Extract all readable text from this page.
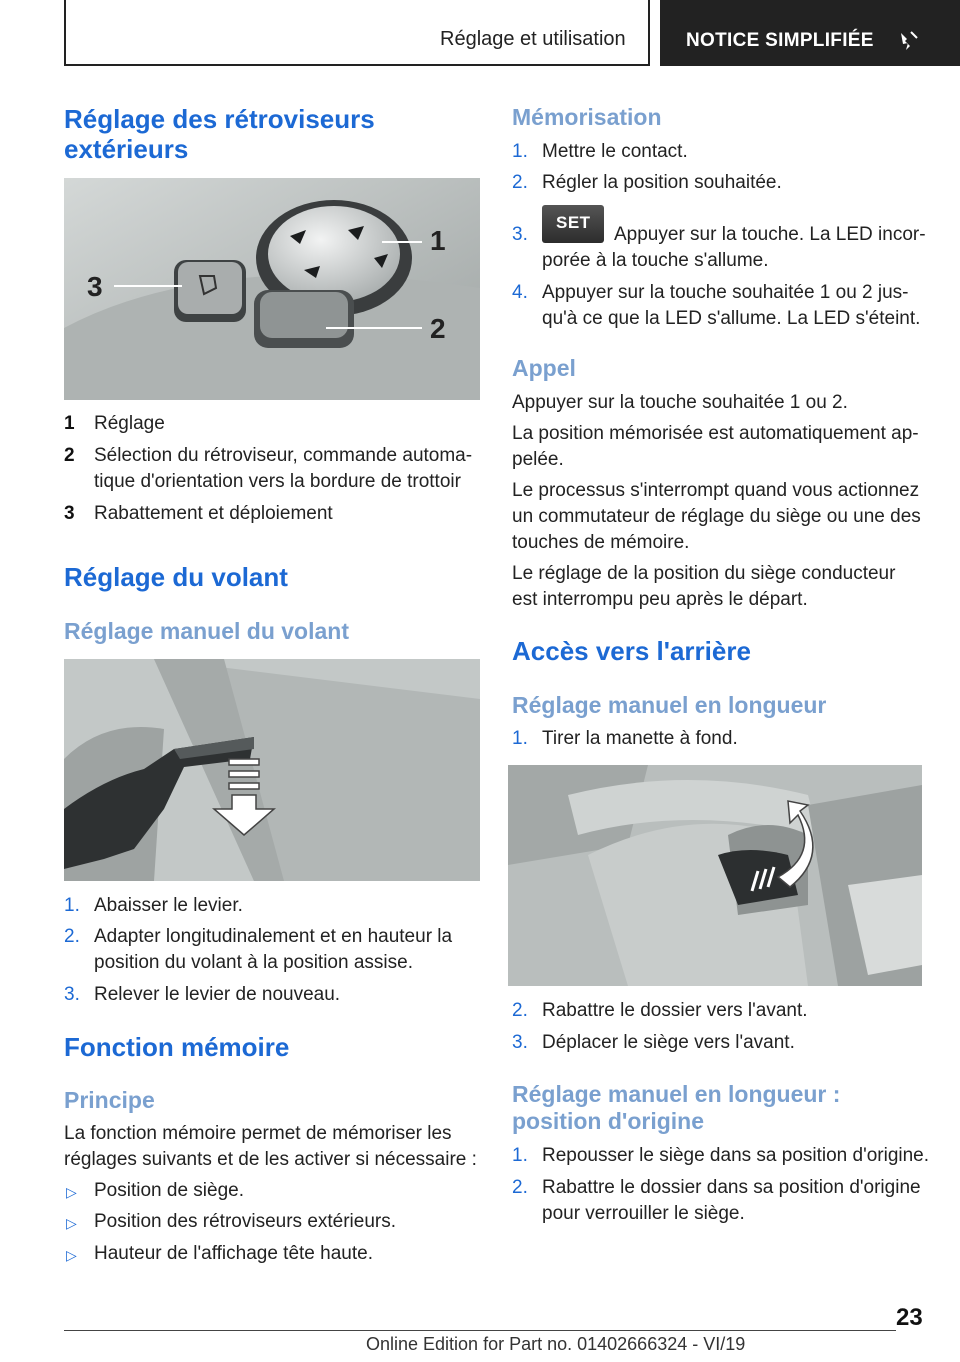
Réglage et utilisation	NOTICE SIMPLIFIÉE
Réglage des rétroviseurs
extérieurs
3
1
2
1 Réglage
2 Sélection du rétroviseur, commande automa-
tique d'orientation vers la bordure de trottoir
3 Rabattement et déploiement
Réglage du volant
Réglage manuel du volant
1. Abaisser le levier.
2. Adapter longitudinalement et en hauteur la
position du volant à la position assise.
3. Relever le levier de nouveau.
Fonction mémoire
Principe
La fonction mémoire permet de mémoriser les
réglages suivants et de les activer si nécessaire :
▷ Position de siège.
▷ Position des rétroviseurs extérieurs.
▷ Hauteur de l'affichage tête haute.
Mémorisation
1. Mettre le contact.
2. Régler la position souhaitée.
3.
SET
Appuyer sur la touche. La LED incor-
porée à la touche s'allume.
4. Appuyer sur la touche souhaitée 1 ou 2 jus-
qu'à ce que la LED s'allume. La LED s'éteint.
Appel
Appuyer sur la touche souhaitée 1 ou 2.
La position mémorisée est automatiquement ap-
pelée.
Le processus s'interrompt quand vous actionnez
un commutateur de réglage du siège ou une des
touches de mémoire.
Le réglage de la position du siège conducteur
est interrompu peu après le départ.
Accès vers l'arrière
Réglage manuel en longueur
1. Tirer la manette à fond.
2. Rabattre le dossier vers l'avant.
3. Déplacer le siège vers l'avant.
Réglage manuel en longueur :
position d'origine
1. Repousser le siège dans sa position d'origine.
2. Rabattre le dossier dans sa position d'origine
pour verrouiller le siège.
23
Online Edition for Part no. 01402666324 - VI/19
